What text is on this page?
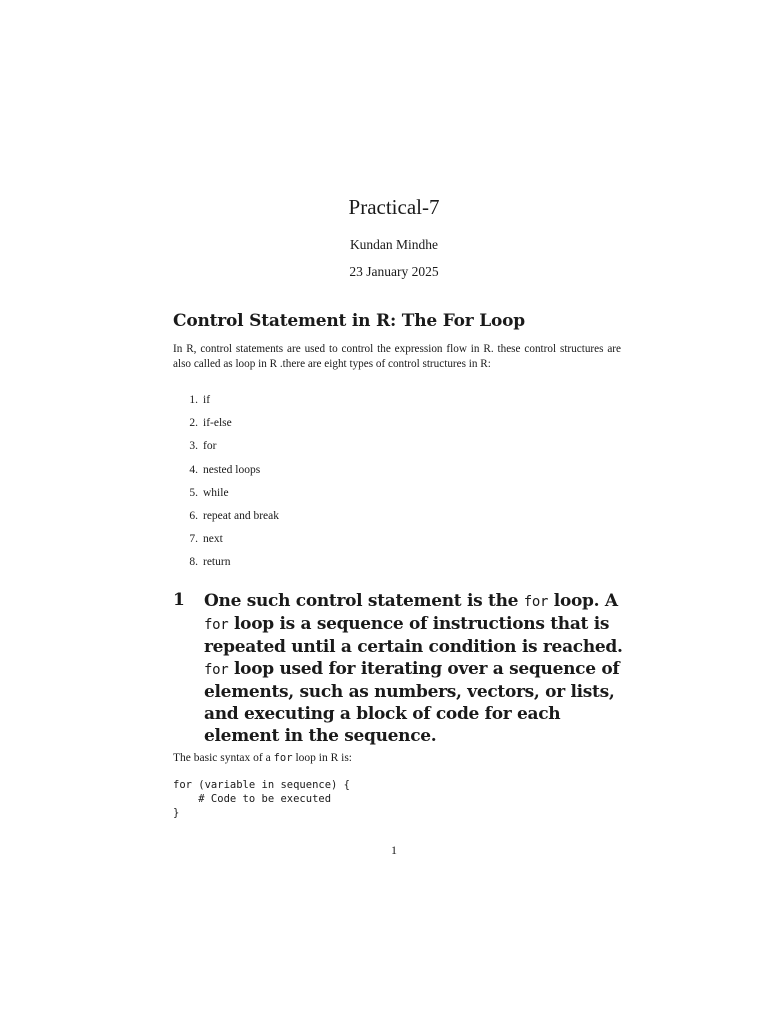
Practical-7
Kundan Mindhe
23 January 2025
Control Statement in R: The For Loop
In R, control statements are used to control the expression flow in R. these control structures are also called as loop in R .there are eight types of control structures in R:
1. if
2. if-else
3. for
4. nested loops
5. while
6. repeat and break
7. next
8. return
1 One such control statement is the for loop. A for loop is a sequence of instructions that is repeated until a certain condition is reached. for loop used for iterating over a sequence of elements, such as numbers, vectors, or lists, and executing a block of code for each element in the sequence.
The basic syntax of a for loop in R is:
for (variable in sequence) {
# Code to be executed
}
1
